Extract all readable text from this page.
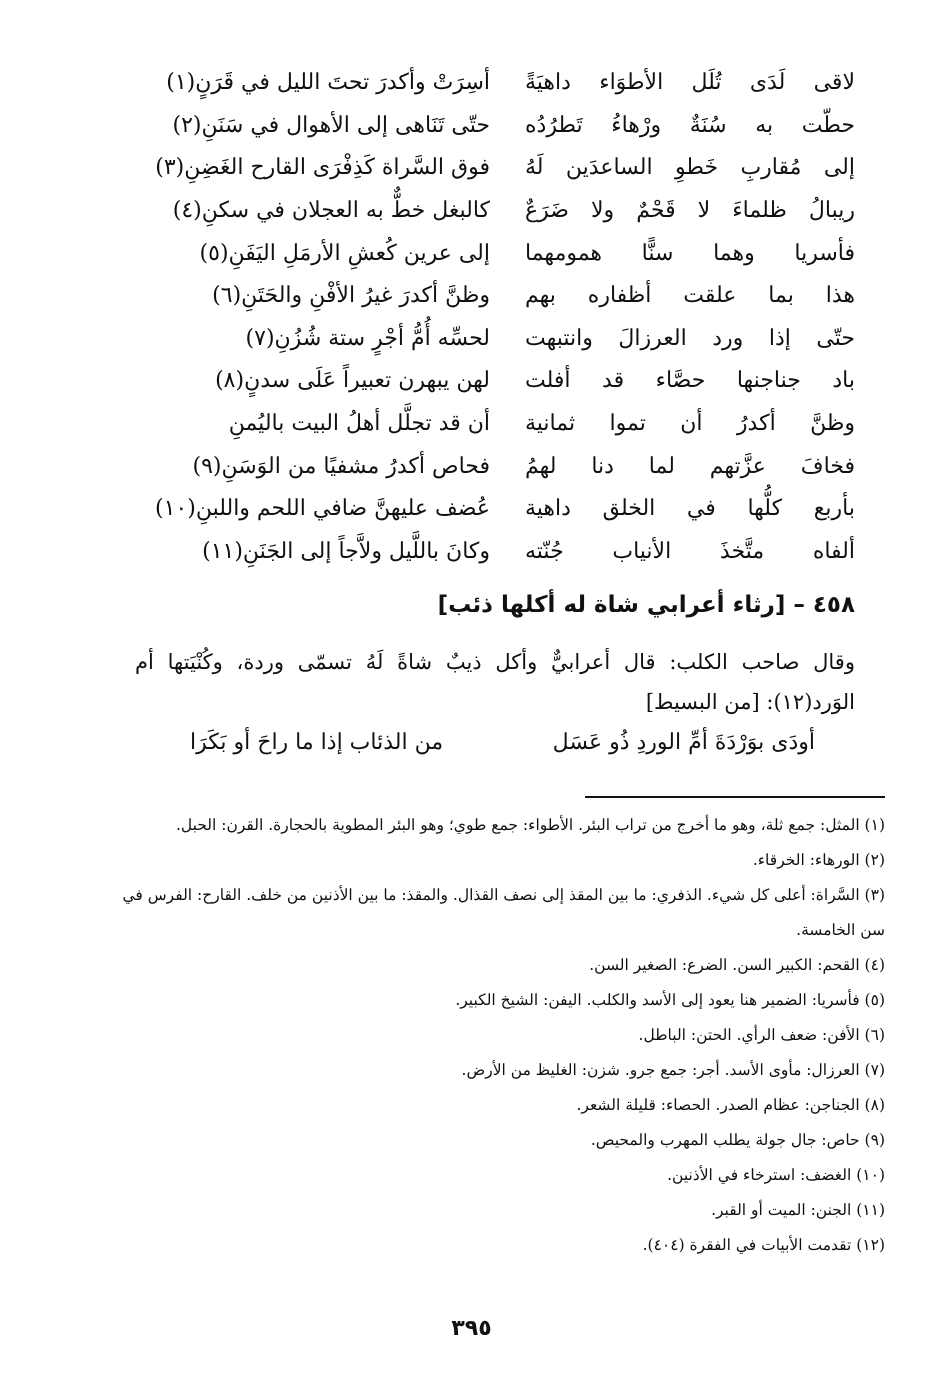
لاقى لَدَى تُلَل الأطوَاء داهيَةً
أسِرَتْ وأكدرَ تحتَ الليل في قَرَنٍ(١)
حطّت به سُنَةٌ ورْهاءُ تَطرُدُه
حتّى تَنَاهى إلى الأهوال في سَنَنِ(٢)
إلى مُقاربِ خَطوِ الساعدَين لَهُ
فوق السَّراة كَذِفْرَى القارح الغَضِنِ(٣)
ريبالُ ظلماءَ لا قَحْمٌ ولا ضَرَعٌ
كالبغل خطٌّ به العجلان في سكنِ(٤)
فأسريا وهما سنًّا همومهما
إلى عرين كُعشِ الأرمَلِ اليَفَنِ(٥)
هذا بما علقت أظفاره بهم
وظنَّ أكدرَ غيرُ الأفْنِ والحَتَنِ(٦)
حتّى إذا ورد العرزالَ وانتبهت
لحسِّه أُمُّ أجْرٍ ستة شُزُنِ(٧)
باد جناجنها حصَّاء قد أفلت
لهن يبهرن تعبيراً عَلَى سدنٍ(٨)
وظنَّ أكدرُ أن تموا ثمانية
أن قد تجلَّل أهلُ البيت باليُمنِ
فخافَ عزَّتهم لما دنا لهمُ
فحاص أكدرُ مشفيًا من الوَسَنِ(٩)
بأربع كلُّها في الخلق داهية
عُضف عليهنَّ ضافي اللحم واللبنِ(١٠)
ألفاه متَّخذَ الأنياب جُنّته
وكانَ باللَّيل ولاَّجاً إلى الجَنَنِ(١١)
٤٥٨ – [رثاء أعرابي شاة له أكلها ذئب]
وقال صاحب الكلب: قال أعرابيٌّ وأكل ذيبٌ شاةً لَهُ تسمّى وردة، وكُنْيَتها أم الوَرد(١٢): [من البسيط]
أودَى بوَرْدَةَ أمِّ الوردِ ذُو عَسَل
من الذئاب إذا ما راحَ أو بَكَرَا
(١) المثل: جمع ثلة، وهو ما أخرج من تراب البئر. الأطواء: جمع طوي؛ وهو البئر المطوية بالحجارة. القرن: الحبل.
(٢) الورهاء: الخرقاء.
(٣) السَّراة: أعلى كل شيء. الذفري: ما بين المقذ إلى نصف القذال. والمقذ: ما بين الأذنين من خلف. القارح: الفرس في سن الخامسة.
(٤) القحم: الكبير السن. الضرع: الصغير السن.
(٥) فأسريا: الضمير هنا يعود إلى الأسد والكلب. اليفن: الشيخ الكبير.
(٦) الأفن: ضعف الرأي. الحتن: الباطل.
(٧) العرزال: مأوى الأسد. أجر: جمع جرو. شزن: الغليظ من الأرض.
(٨) الجناجن: عظام الصدر. الحصاء: قليلة الشعر.
(٩) حاص: جال جولة يطلب المهرب والمحيص.
(١٠) الغضف: استرخاء في الأذنين.
(١١) الجنن: الميت أو القبر.
(١٢) تقدمت الأبيات في الفقرة (٤٠٤).
٣٩٥
